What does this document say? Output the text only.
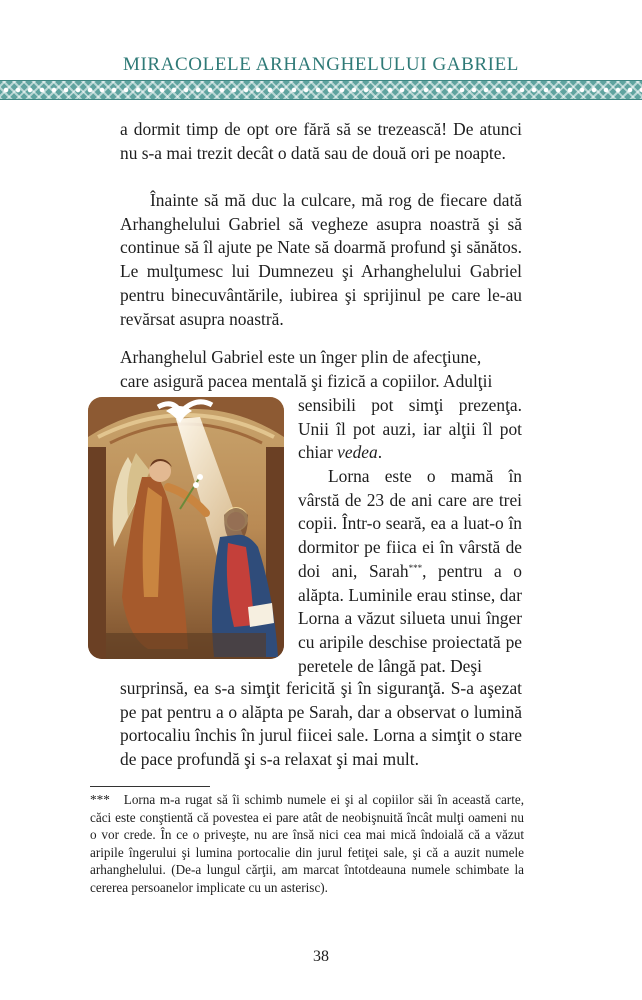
MIRACOLELE ARHANGHELULUI GABRIEL

a dormit timp de opt ore fără să se trezească! De atunci nu s-a mai trezit decât o dată sau de două ori pe noapte.

Înainte să mă duc la culcare, mă rog de fiecare dată Arhanghelului Gabriel să vegheze asupra noastră şi să continue să îl ajute pe Nate să doarmă profund şi sănătos. Le mulţumesc lui Dumnezeu şi Arhanghelului Gabriel pentru binecuvântările, iubirea şi sprijinul pe care le-au revărsat asupra noastră.

Arhanghelul Gabriel este un înger plin de afecţiune,

care asigură pacea mentală şi fizică a copiilor. Adulţii

sensibili pot simţi prezenţa. Unii îl pot auzi, iar alţii îl pot chiar vedea.

Lorna este o mamă în vârstă de 23 de ani care are trei copii. Într-o seară, ea a luat-o în dormitor pe fiica ei în vârstă de doi ani, Sarah***, pentru a o alăpta. Luminile erau stinse, dar Lorna a văzut silueta unui înger cu aripile deschise proiectată pe peretele de lângă pat. Deşi

surprinsă, ea s-a simţit fericită şi în siguranţă. S-a aşezat pe pat pentru a o alăpta pe Sarah, dar a observat o lumină portocaliu închis în jurul fiicei sale. Lorna a simţit o stare de pace profundă şi s-a relaxat şi mai mult.

*** Lorna m-a rugat să îi schimb numele ei şi al copiilor săi în această carte, căci este conştientă că povestea ei pare atât de neobişnuită încât mulţi oameni nu o vor crede. În ce o priveşte, nu are însă nici cea mai mică îndoială că a văzut aripile îngerului şi lumina portocalie din jurul fetiţei sale, şi că a auzit numele arhanghelului. (De-a lungul cărţii, am marcat întotdeauna numele schimbate la cererea persoanelor implicate cu un asterisc).

38
